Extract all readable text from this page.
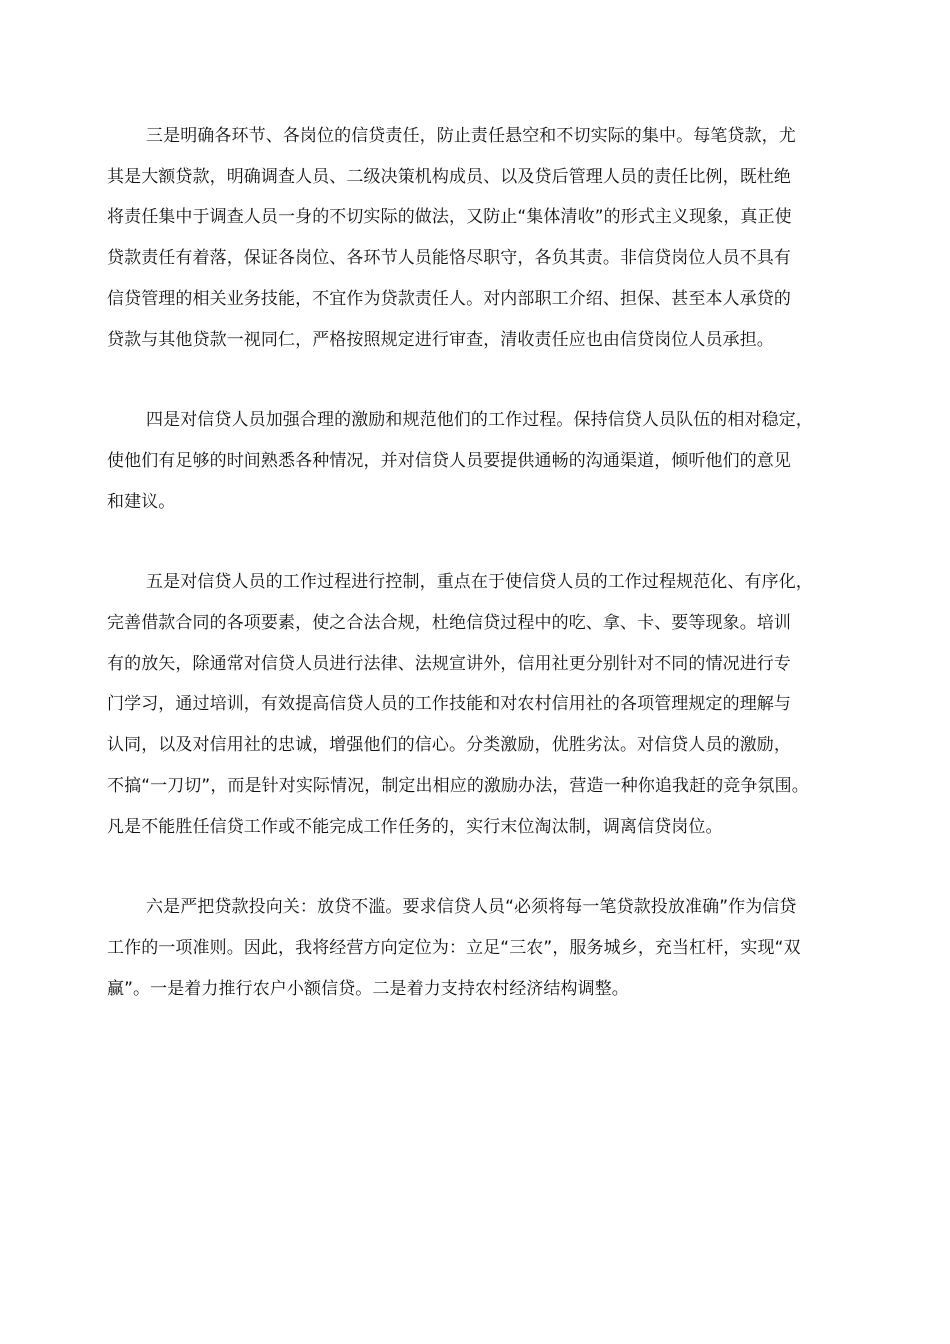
三是明确各环节、各岗位的信贷责任，防止责任悬空和不切实际的集中。每笔贷款，尤
其是大额贷款，明确调查人员、二级决策机构成员、以及贷后管理人员的责任比例，既杜绝
将责任集中于调查人员一身的不切实际的做法，又防止“集体清收”的形式主义现象，真正使
贷款责任有着落，保证各岗位、各环节人员能恪尽职守，各负其责。非信贷岗位人员不具有
信贷管理的相关业务技能，不宜作为贷款责任人。对内部职工介绍、担保、甚至本人承贷的
贷款与其他贷款一视同仁，严格按照规定进行审查，清收责任应也由信贷岗位人员承担。

四是对信贷人员加强合理的激励和规范他们的工作过程。保持信贷人员队伍的相对稳定，
使他们有足够的时间熟悉各种情况，并对信贷人员要提供通畅的沟通渠道，倾听他们的意见
和建议。

五是对信贷人员的工作过程进行控制，重点在于使信贷人员的工作过程规范化、有序化，
完善借款合同的各项要素，使之合法合规，杜绝信贷过程中的吃、拿、卡、要等现象。培训
有的放矢，除通常对信贷人员进行法律、法规宣讲外，信用社更分别针对不同的情况进行专
门学习，通过培训，有效提高信贷人员的工作技能和对农村信用社的各项管理规定的理解与
认同，以及对信用社的忠诚，增强他们的信心。分类激励，优胜劣汰。对信贷人员的激励，
不搞“一刀切”，而是针对实际情况，制定出相应的激励办法，营造一种你追我赶的竞争氛围。
凡是不能胜任信贷工作或不能完成工作任务的，实行末位淘汰制，调离信贷岗位。

六是严把贷款投向关：放贷不滥。要求信贷人员“必须将每一笔贷款投放准确”作为信贷
工作的一项准则。因此，我将经营方向定位为：立足“三农”，服务城乡，充当杠杆，实现“双
赢”。一是着力推行农户小额信贷。二是着力支持农村经济结构调整。
